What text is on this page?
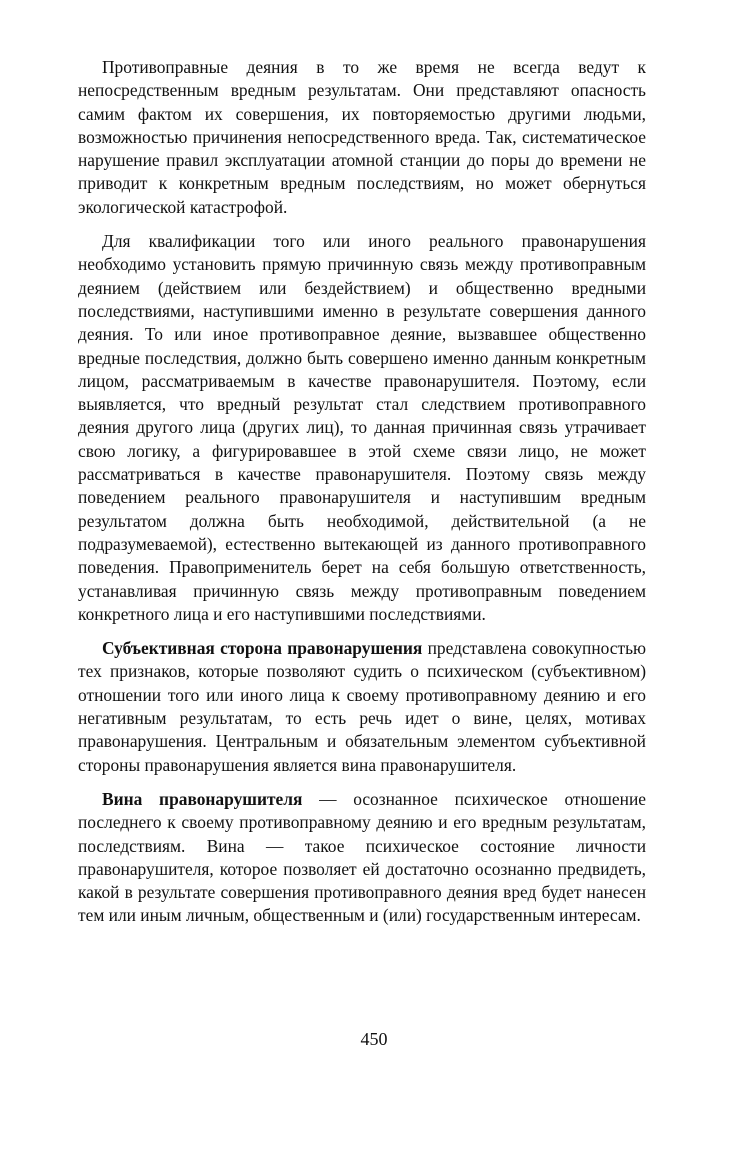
Противоправные деяния в то же время не всегда ведут к непосредственным вредным результатам. Они представляют опасность самим фактом их совершения, их повторяемостью другими людьми, возможностью причинения непосредственного вреда. Так, систематическое нарушение правил эксплуатации атомной станции до поры до времени не приводит к конкретным вредным последствиям, но может обернуться экологической катастрофой.

Для квалификации того или иного реального правонарушения необходимо установить прямую причинную связь между противоправным деянием (действием или бездействием) и общественно вредными последствиями, наступившими именно в результате совершения данного деяния. То или иное противоправное деяние, вызвавшее общественно вредные последствия, должно быть совершено именно данным конкретным лицом, рассматриваемым в качестве правонарушителя. Поэтому, если выявляется, что вредный результат стал следствием противоправного деяния другого лица (других лиц), то данная причинная связь утрачивает свою логику, а фигурировавшее в этой схеме связи лицо, не может рассматриваться в качестве правонарушителя. Поэтому связь между поведением реального правонарушителя и наступившим вредным результатом должна быть необходимой, действительной (а не подразумеваемой), естественно вытекающей из данного противоправного поведения. Правоприменитель берет на себя большую ответственность, устанавливая причинную связь между противоправным поведением конкретного лица и его наступившими последствиями.

Субъективная сторона правонарушения представлена совокупностью тех признаков, которые позволяют судить о психическом (субъективном) отношении того или иного лица к своему противоправному деянию и его негативным результатам, то есть речь идет о вине, целях, мотивах правонарушения. Центральным и обязательным элементом субъективной стороны правонарушения является вина правонарушителя.

Вина правонарушителя — осознанное психическое отношение последнего к своему противоправному деянию и его вредным результатам, последствиям. Вина — такое психическое состояние личности правонарушителя, которое позволяет ей достаточно осознанно предвидеть, какой в результате совершения противоправного деяния вред будет нанесен тем или иным личным, общественным и (или) государственным интересам.

450
